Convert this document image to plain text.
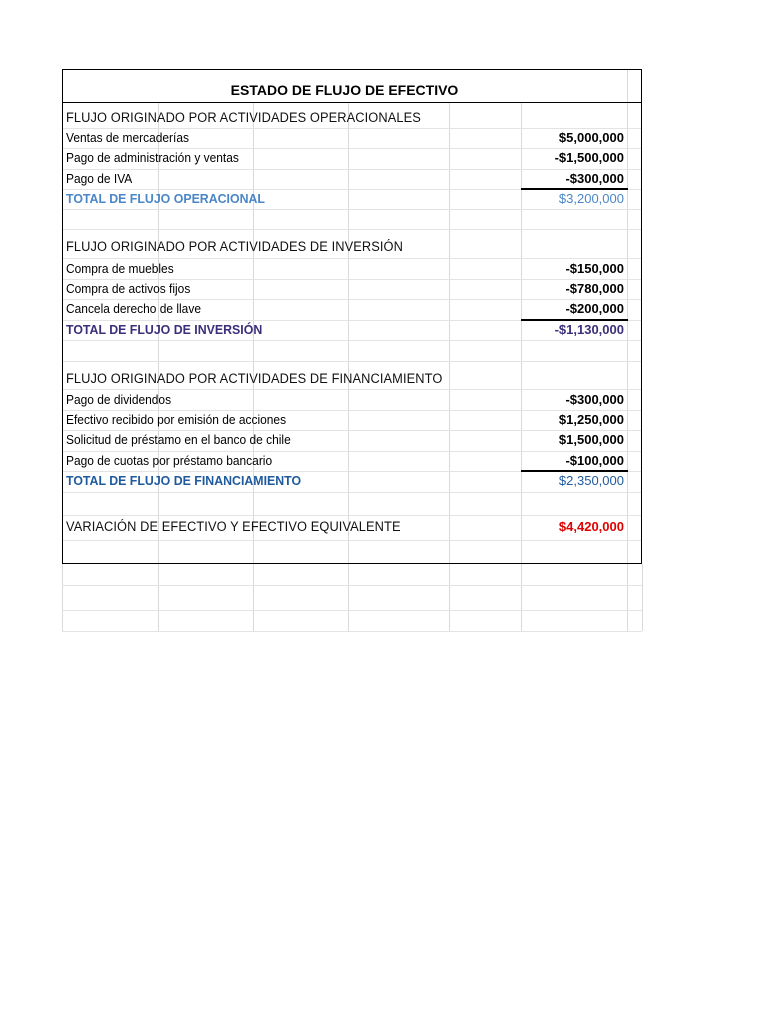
ESTADO DE FLUJO DE EFECTIVO
FLUJO ORIGINADO POR ACTIVIDADES OPERACIONALES
Ventas de mercaderías	$5,000,000
Pago de administración y ventas	-$1,500,000
Pago de IVA	-$300,000
TOTAL DE FLUJO OPERACIONAL	$3,200,000
FLUJO ORIGINADO POR ACTIVIDADES DE INVERSIÓN
Compra de muebles	-$150,000
Compra de activos fijos	-$780,000
Cancela derecho de llave	-$200,000
TOTAL DE FLUJO DE INVERSIÓN	-$1,130,000
FLUJO ORIGINADO POR ACTIVIDADES DE FINANCIAMIENTO
Pago de dividendos	-$300,000
Efectivo recibido por emisión de acciones	$1,250,000
Solicitud de préstamo en el banco de chile	$1,500,000
Pago de cuotas por préstamo bancario	-$100,000
TOTAL DE FLUJO DE FINANCIAMIENTO	$2,350,000
VARIACIÓN DE EFECTIVO Y EFECTIVO EQUIVALENTE	$4,420,000
